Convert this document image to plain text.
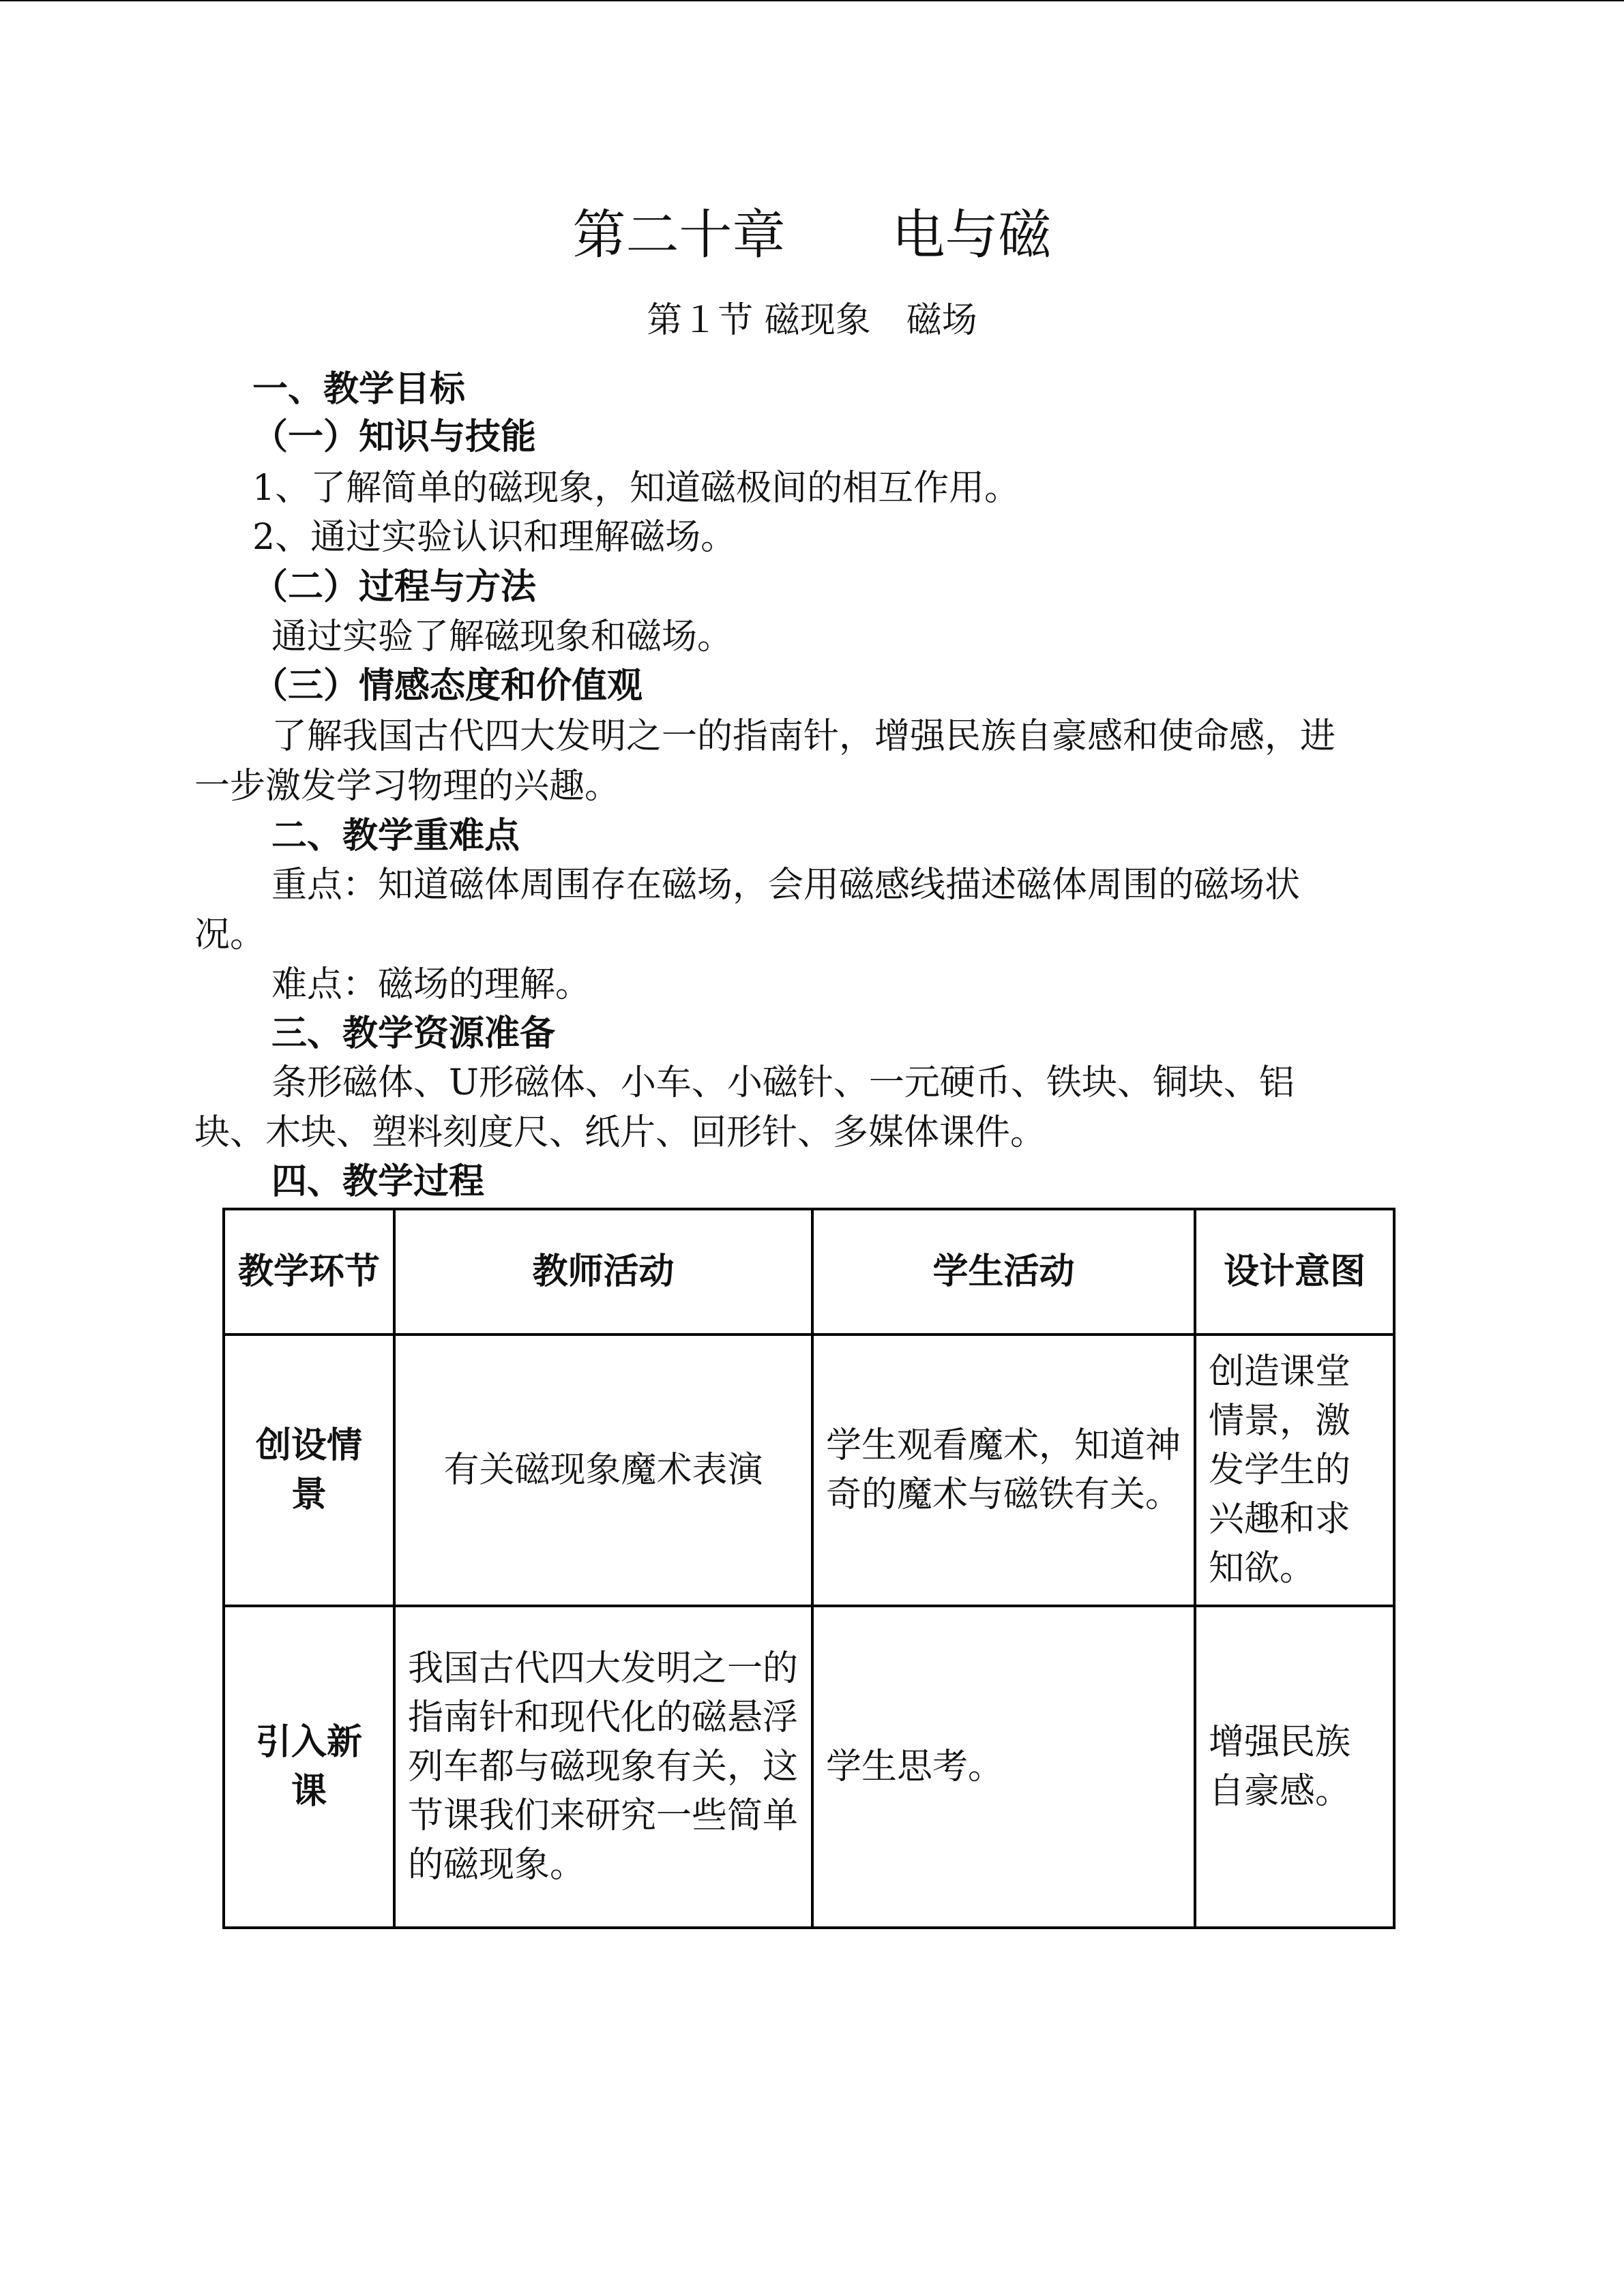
第二十章　　电与磁
第１节 磁现象　磁场
一、教学目标
（一）知识与技能
1、了解简单的磁现象，知道磁极间的相互作用。
2、通过实验认识和理解磁场。
（二）过程与方法
通过实验了解磁现象和磁场。
（三）情感态度和价值观
了解我国古代四大发明之一的指南针，增强民族自豪感和使命感，进
一步激发学习物理的兴趣。
二、教学重难点
重点：知道磁体周围存在磁场，会用磁感线描述磁体周围的磁场状
况。
难点：磁场的理解。
三、教学资源准备
条形磁体、U形磁体、小车、小磁针、一元硬币、铁块、铜块、铝
块、木块、塑料刻度尺、纸片、回形针、多媒体课件。
四、教学过程
教学环节	教师活动	学生活动	设计意图
创设情景	有关磁现象魔术表演	学生观看魔术，知道神奇的魔术与磁铁有关。	创造课堂情景，激发学生的兴趣和求知欲。
引入新课	我国古代四大发明之一的指南针和现代化的磁悬浮列车都与磁现象有关，这节课我们来研究一些简单的磁现象。	学生思考。	增强民族自豪感。
